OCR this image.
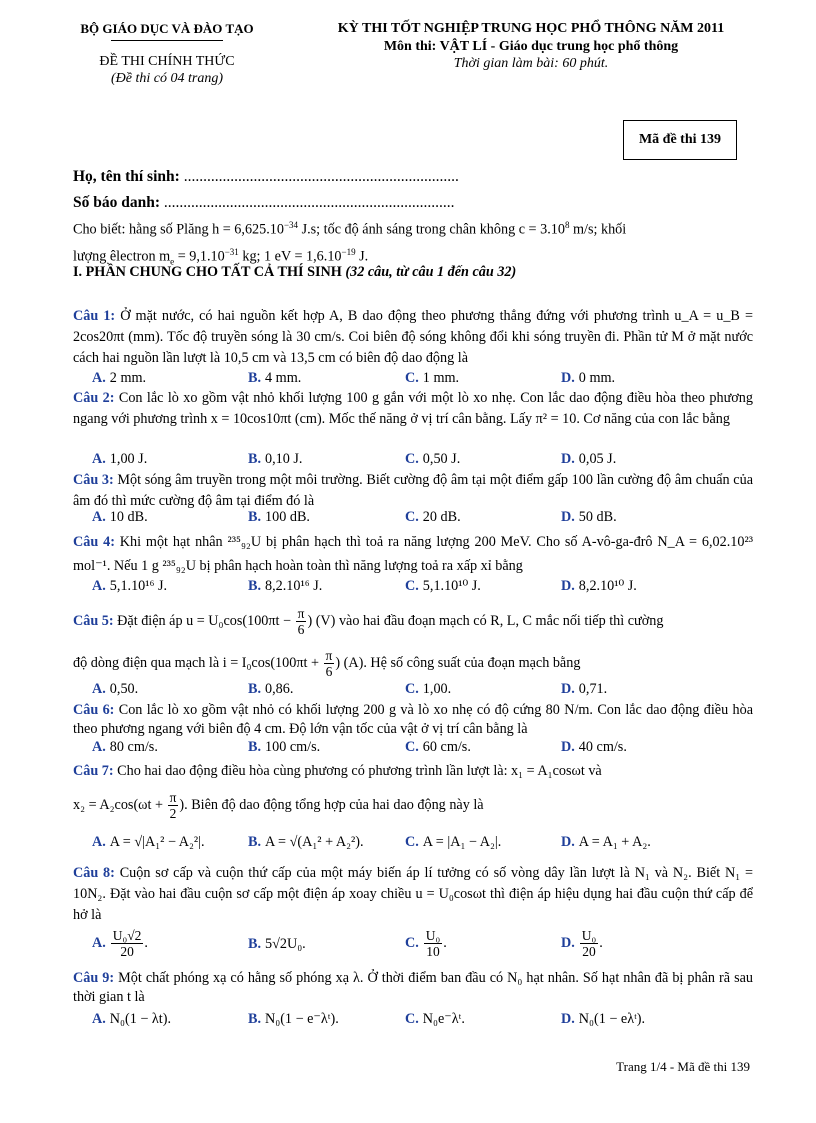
BỘ GIÁO DỤC VÀ ĐÀO TẠO
ĐỀ THI CHÍNH THỨC
(Đề thi có 04 trang)
KỲ THI TỐT NGHIỆP TRUNG HỌC PHỔ THÔNG NĂM 2011
Môn thi: VẬT LÍ - Giáo dục trung học phổ thông
Thời gian làm bài: 60 phút.
Mã đề thi 139
Họ, tên thí sinh: .......................................................................
Số báo danh: ...........................................................................
Cho biết: hằng số Plăng $h = 6,625.10^{-34}$ J.s; tốc độ ánh sáng trong chân không $c = 3.10^8$ m/s; khối
lượng êlectron $m_e = 9,1.10^{-31}$ kg; 1 eV = $1,6.10^{-19}$ J.
I. PHẦN CHUNG CHO TẤT CẢ THÍ SINH (32 câu, từ câu 1 đến câu 32)
Câu 1: Ở mặt nước, có hai nguồn kết hợp A, B dao động theo phương thẳng đứng với phương trình u_A = u_B = 2cos20πt (mm). Tốc độ truyền sóng là 30 cm/s. Coi biên độ sóng không đổi khi sóng truyền đi. Phần tử M ở mặt nước cách hai nguồn lần lượt là 10,5 cm và 13,5 cm có biên độ dao động là
A. 2 mm.	B. 4 mm.	C. 1 mm.	D. 0 mm.
Câu 2: Con lắc lò xo gồm vật nhỏ khối lượng 100 g gắn với một lò xo nhẹ. Con lắc dao động điều hòa theo phương ngang với phương trình x = 10cos10πt (cm). Mốc thế năng ở vị trí cân bằng. Lấy π² = 10. Cơ năng của con lắc bằng
A. 1,00 J.	B. 0,10 J.	C. 0,50 J.	D. 0,05 J.
Câu 3: Một sóng âm truyền trong một môi trường. Biết cường độ âm tại một điểm gấp 100 lần cường độ âm chuẩn của âm đó thì mức cường độ âm tại điểm đó là
A. 10 dB.	B. 100 dB.	C. 20 dB.	D. 50 dB.
Câu 4: Khi một hạt nhân ²³⁵₉₂U bị phân hạch thì toả ra năng lượng 200 MeV. Cho số A-vô-ga-đrô N_A = 6,02.10²³ mol⁻¹. Nếu 1 g ²³⁵₉₂U bị phân hạch hoàn toàn thì năng lượng toả ra xấp xỉ bằng
A. 5,1.10¹⁶ J.	B. 8,2.10¹⁶ J.	C. 5,1.10¹⁰ J.	D. 8,2.10¹⁰ J.
Câu 5: Đặt điện áp $u = U_0\cos(100\pi t - \frac{\pi}{6}$ ) (V) vào hai đầu đoạn mạch có R, L, C mắc nối tiếp thì cường
độ dòng điện qua mạch là $i = I_0\cos(100\pi t + \frac{\pi}{6}$ ) (A). Hệ số công suất của đoạn mạch bằng
A. 0,50.	B. 0,86.	C. 1,00.	D. 0,71.
Câu 6: Con lắc lò xo gồm vật nhỏ có khối lượng 200 g và lò xo nhẹ có độ cứng 80 N/m. Con lắc dao động điều hòa theo phương ngang với biên độ 4 cm. Độ lớn vận tốc của vật ở vị trí cân bằng là
A. 80 cm/s.	B. 100 cm/s.	C. 60 cm/s.	D. 40 cm/s.
Câu 7: Cho hai dao động điều hòa cùng phương có phương trình lần lượt là: x₁ = A₁cosωt và
$x_2 = A_2\cos(\omega t + \frac{\pi}{2}$ ). Biên độ dao động tổng hợp của hai dao động này là
A. A = √|A₁² − A₂²|.	B. A = √(A₁² + A₂²).	C. A = |A₁ − A₂|.	D. A = A₁ + A₂.
Câu 8: Cuộn sơ cấp và cuộn thứ cấp của một máy biến áp lí tưởng có số vòng dây lần lượt là N₁ và N₂. Biết N₁ = 10N₂. Đặt vào hai đầu cuộn sơ cấp một điện áp xoay chiều u = U₀cosωt thì điện áp hiệu dụng hai đầu cuộn thứ cấp để hở là
A. $\frac{\text{U₀√2}}{20}$ .	B. 5√2U₀.	C. $\frac{\text{U₀}}{10}$ .	D. $\frac{\text{U₀}}{20}$ .
Câu 9: Một chất phóng xạ có hằng số phóng xạ λ. Ở thời điểm ban đầu có N₀ hạt nhân. Số hạt nhân đã bị phân rã sau thời gian t là
A. N₀(1 − λt).	B. N₀(1 − e⁻λᵗ).	C. N₀e⁻λᵗ.	D. N₀(1 − eλᵗ).
Trang 1/4 - Mã đề thi 139
